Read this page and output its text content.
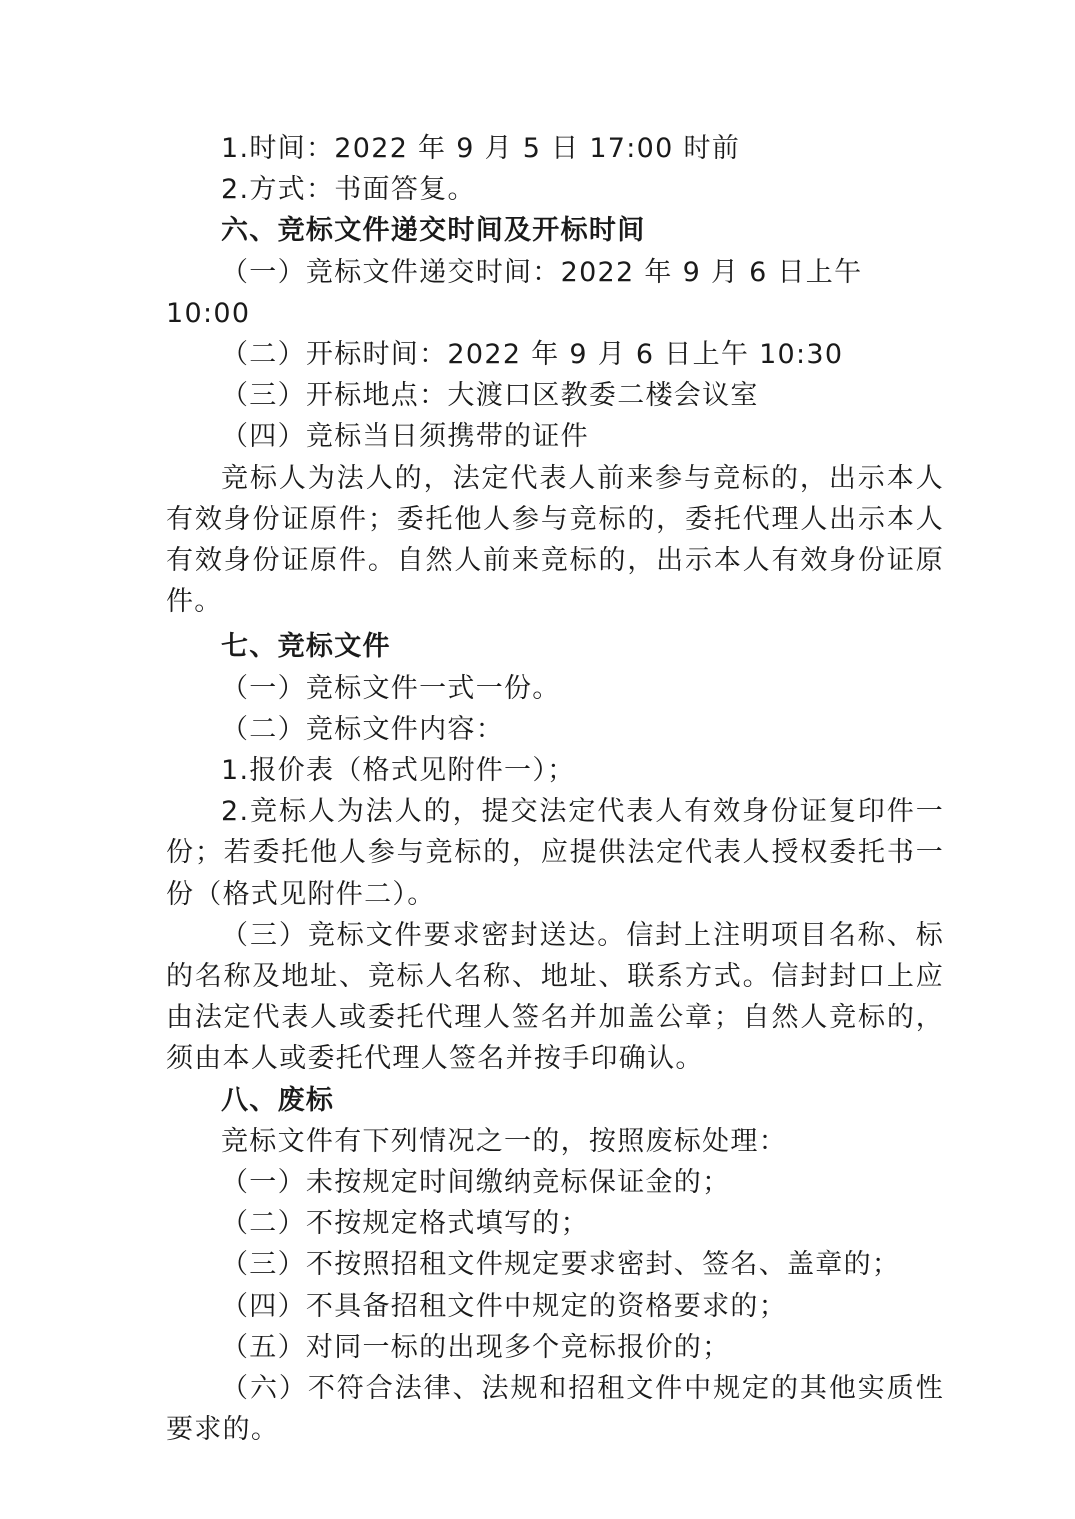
1.时间：2022 年 9 月 5 日 17:00 时前

2.方式：书面答复。

六、竞标文件递交时间及开标时间

（一）竞标文件递交时间：2022 年 9 月 6 日上午 10:00

（二）开标时间：2022 年 9 月 6 日上午 10:30

（三）开标地点：大渡口区教委二楼会议室

（四）竞标当日须携带的证件

竞标人为法人的，法定代表人前来参与竞标的，出示本人有效身份证原件；委托他人参与竞标的，委托代理人出示本人有效身份证原件。自然人前来竞标的，出示本人有效身份证原件。

七、竞标文件

（一）竞标文件一式一份。

（二）竞标文件内容：

1.报价表（格式见附件一）；

2.竞标人为法人的，提交法定代表人有效身份证复印件一份；若委托他人参与竞标的，应提供法定代表人授权委托书一份（格式见附件二）。

（三）竞标文件要求密封送达。信封上注明项目名称、标的名称及地址、竞标人名称、地址、联系方式。信封封口上应由法定代表人或委托代理人签名并加盖公章；自然人竞标的，须由本人或委托代理人签名并按手印确认。

八、废标

竞标文件有下列情况之一的，按照废标处理：

（一）未按规定时间缴纳竞标保证金的；

（二）不按规定格式填写的；

（三）不按照招租文件规定要求密封、签名、盖章的；

（四）不具备招租文件中规定的资格要求的；

（五）对同一标的出现多个竞标报价的；

（六）不符合法律、法规和招租文件中规定的其他实质性要求的。
